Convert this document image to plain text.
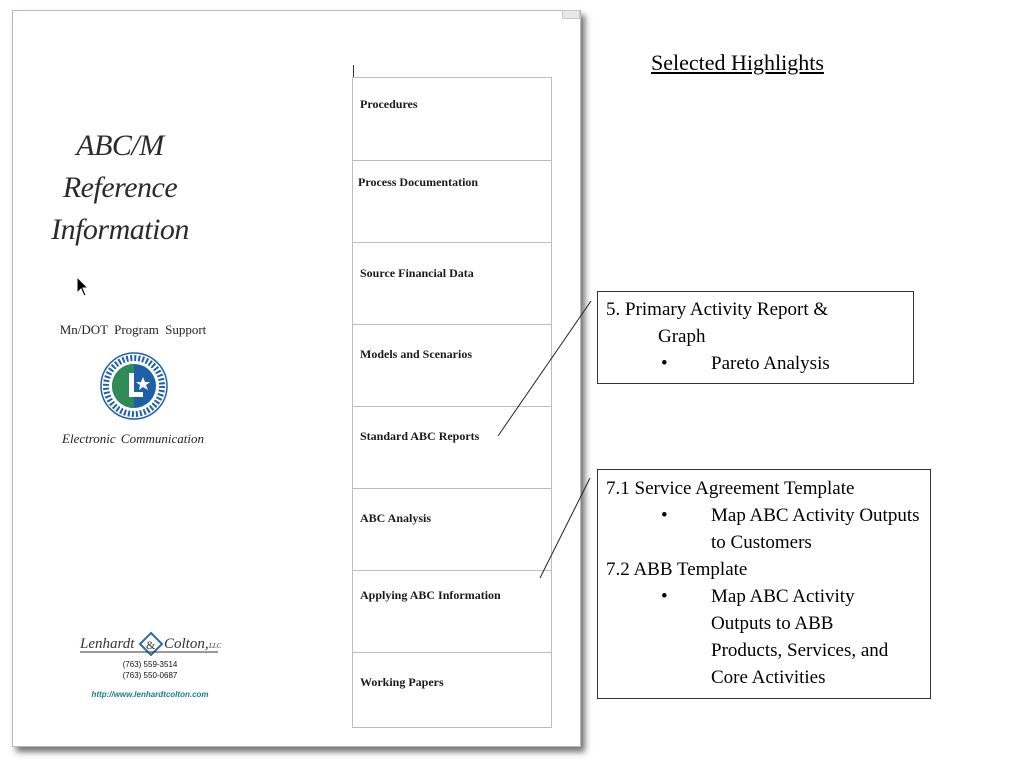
ABC/M
Reference
Information
Mn/DOT Program Support
Electronic Communication
Lenhardt & Colton, LLC
(763) 559-3514
(763) 550-0687
http://www.lenhardtcolton.com
Procedures
Process Documentation
Source Financial Data
Models and Scenarios
Standard ABC Reports
ABC Analysis
Applying ABC Information
Working Papers
Selected Highlights
5. Primary Activity Report &
Graph
• Pareto Analysis
7.1 Service Agreement Template
• Map ABC Activity Outputs to Customers
7.2 ABB Template
• Map ABC Activity Outputs to ABB Products, Services, and Core Activities
